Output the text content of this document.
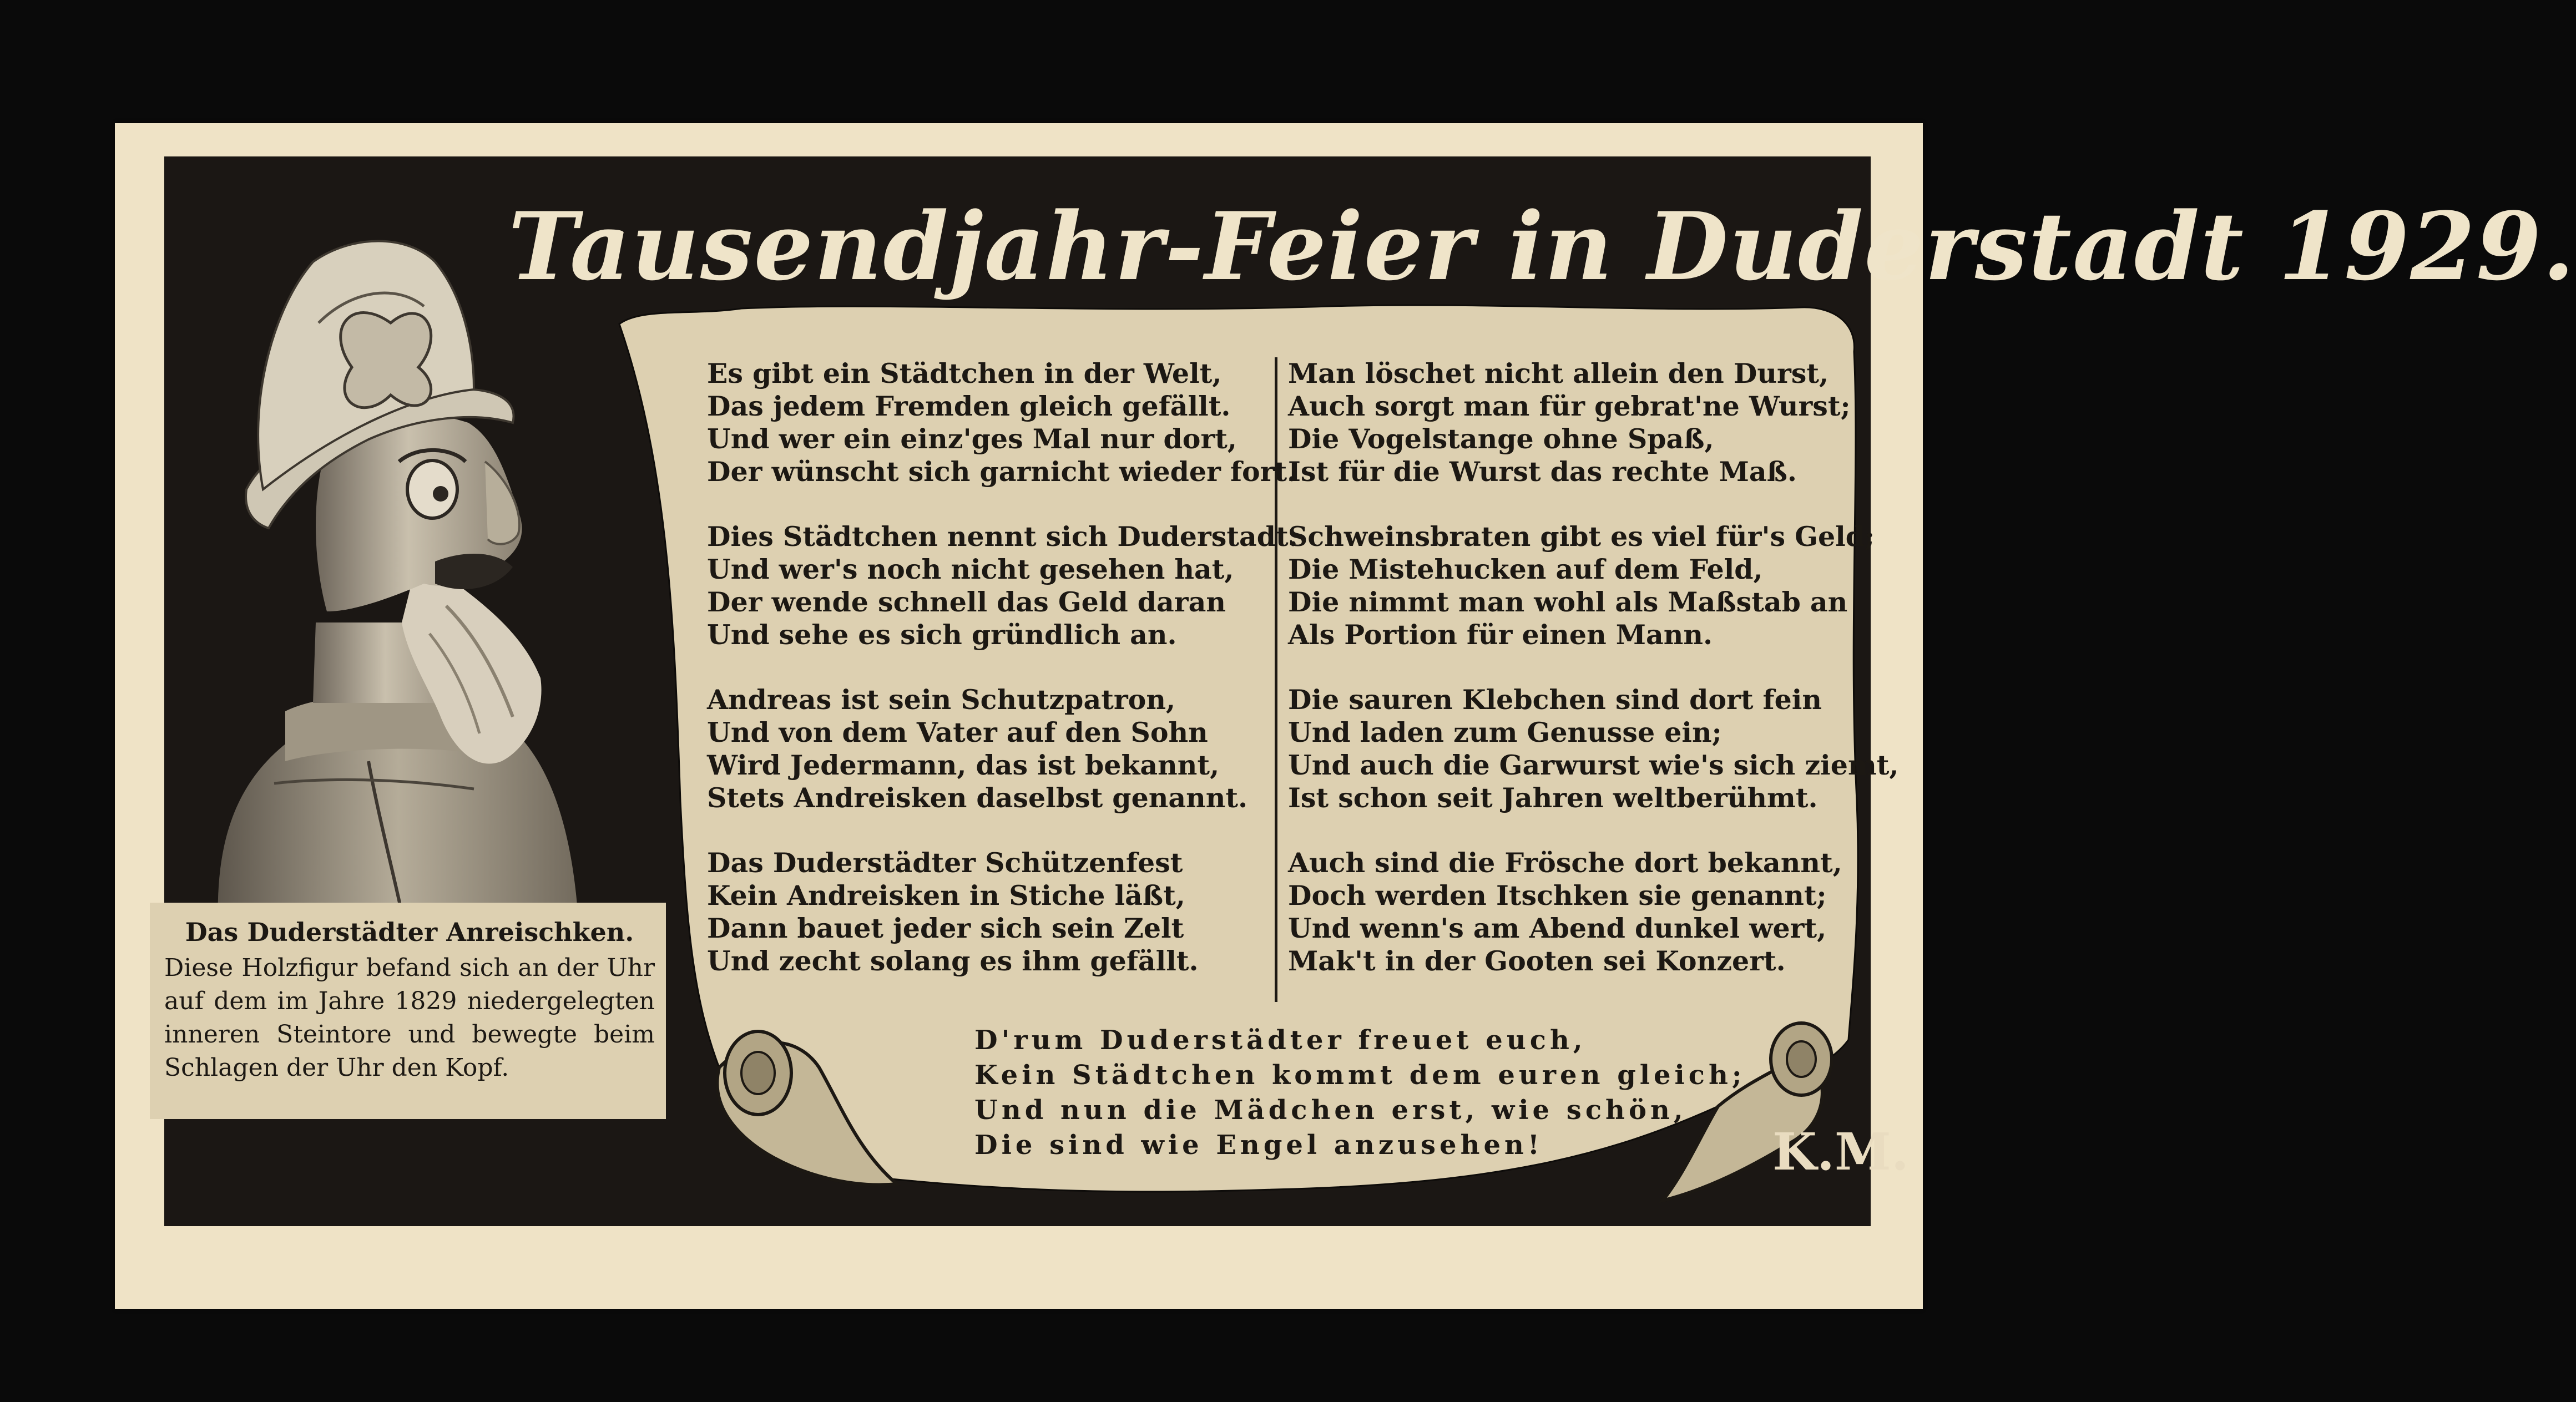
Tausendjahr-Feier in Duderstadt 1929.

Das Duderstädter Anreischken.

Diese Holzfigur befand sich an der Uhr auf dem im Jahre 1829 niedergelegten inneren Steintore und bewegte beim Schlagen der Uhr den Kopf.

Es gibt ein Städtchen in der Welt,
Das jedem Fremden gleich gefällt.
Und wer ein einz'ges Mal nur dort,
Der wünscht sich garnicht wieder fort.
Dies Städtchen nennt sich Duderstadt.
Und wer's noch nicht gesehen hat,
Der wende schnell das Geld daran
Und sehe es sich gründlich an.
Andreas ist sein Schutzpatron,
Und von dem Vater auf den Sohn
Wird Jedermann, das ist bekannt,
Stets Andreisken daselbst genannt.
Das Duderstädter Schützenfest
Kein Andreisken in Stiche läßt,
Dann bauet jeder sich sein Zelt
Und zecht solang es ihm gefällt.
Man löschet nicht allein den Durst,
Auch sorgt man für gebrat'ne Wurst;
Die Vogelstange ohne Spaß,
Ist für die Wurst das rechte Maß.
Schweinsbraten gibt es viel für's Geld;
Die Mistehucken auf dem Feld,
Die nimmt man wohl als Maßstab an
Als Portion für einen Mann.
Die sauren Klebchen sind dort fein
Und laden zum Genusse ein;
Und auch die Garwurst wie's sich ziemt,
Ist schon seit Jahren weltberühmt.
Auch sind die Frösche dort bekannt,
Doch werden Itschken sie genannt;
Und wenn's am Abend dunkel wert,
Mak't in der Gooten sei Konzert.
D'rum Duderstädter freuet euch,
Kein Städtchen kommt dem euren gleich;
Und nun die Mädchen erst, wie schön,
Die sind wie Engel anzusehen!	K.M.
